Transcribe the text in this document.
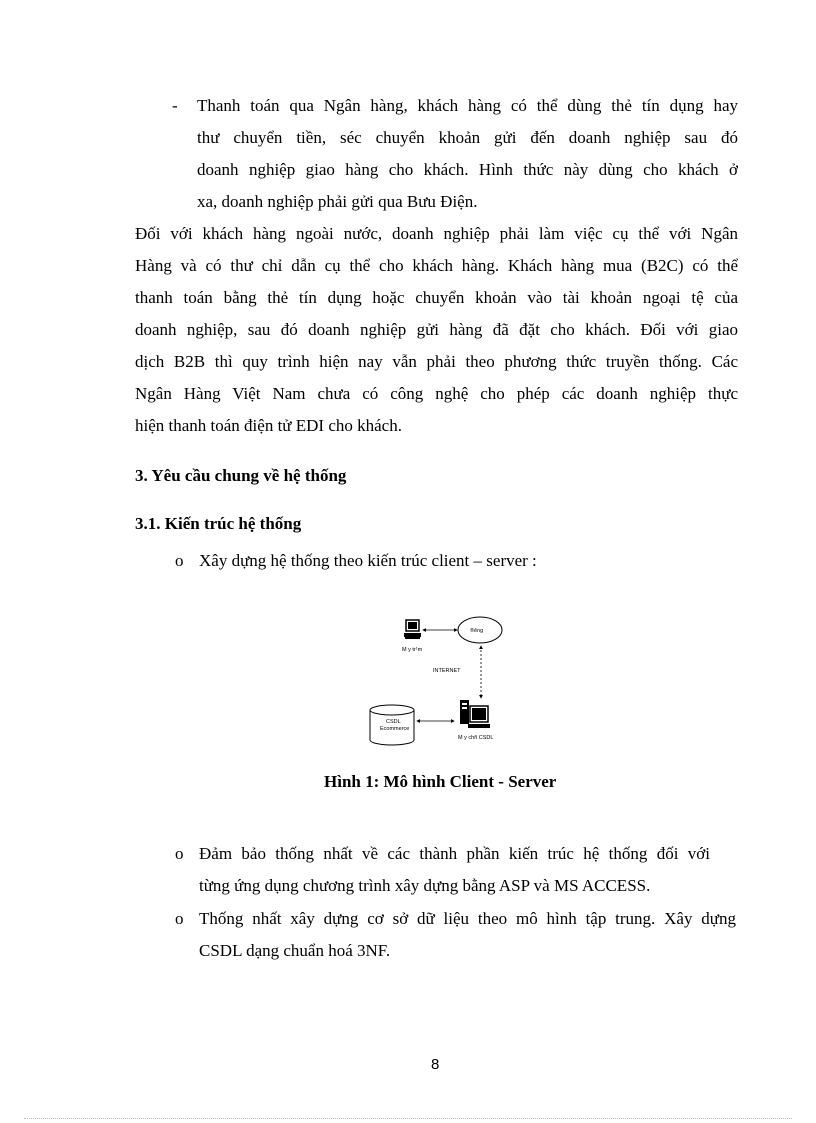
- Thanh toán qua Ngân hàng, khách hàng có thể dùng thẻ tín dụng hay
thư chuyển tiền, séc chuyển khoản gửi đến doanh nghiệp sau đó
doanh nghiệp giao hàng cho khách. Hình thức này dùng cho khách ở
xa, doanh nghiệp phải gửi qua Bưu Điện.
Đối với khách hàng ngoài nước, doanh nghiệp phải làm việc cụ thể với Ngân
Hàng và có thư chỉ dẫn cụ thể cho khách hàng. Khách hàng mua (B2C) có thể
thanh toán bằng thẻ tín dụng hoặc chuyển khoản vào tài khoản ngoại tệ của
doanh nghiệp, sau đó doanh nghiệp gửi hàng đã đặt cho khách. Đối với giao
dịch B2B thì quy trình hiện nay vẫn phải theo phương thức truyền thống. Các
Ngân Hàng Việt Nam chưa có công nghệ cho phép các doanh nghiệp thực
hiện thanh toán điện tử EDI cho khách.
3. Yêu cầu chung về hệ thống
3.1. Kiến trúc hệ thống
o Xây dựng hệ thống theo kiến trúc client – server :
M y tr¹m
®êng
INTERNET
CSDL
Ecommerce
M y chñ CSDL
Hình 1: Mô hình Client - Server
o Đảm bảo thống nhất về các thành phần kiến trúc hệ thống đối với
từng ứng dụng chương trình xây dựng bằng ASP và MS ACCESS.
o Thống nhất xây dựng cơ sở dữ liệu theo mô hình tập trung. Xây dựng
CSDL dạng chuẩn hoá 3NF.
8
